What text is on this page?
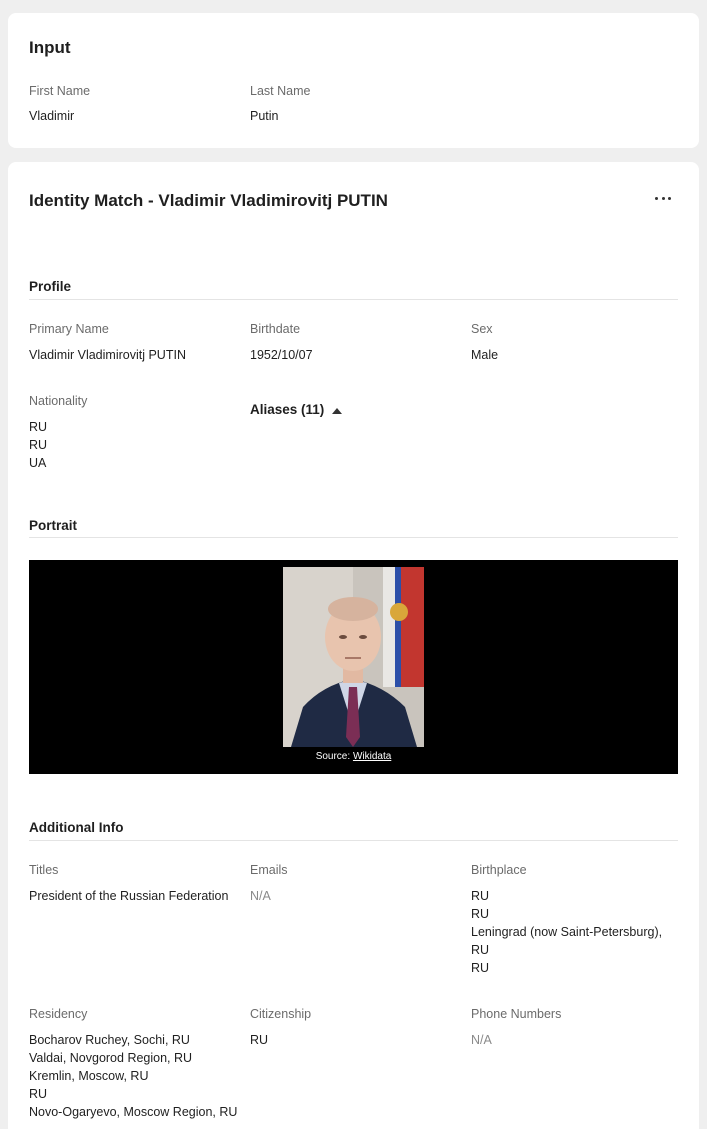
Input
First Name
Vladimir
Last Name
Putin
Identity Match - Vladimir Vladimirovitj PUTIN
Profile
Primary Name
Vladimir Vladimirovitj PUTIN
Birthdate
1952/10/07
Sex
Male
Nationality
RU
RU
UA
Aliases (11)
Portrait
Source: Wikidata
Additional Info
Titles
President of the Russian Federation
Emails
N/A
Birthplace
RU
RU
Leningrad (now Saint-Petersburg),
RU
RU
Residency
Bocharov Ruchey, Sochi, RU
Valdai, Novgorod Region, RU
Kremlin, Moscow, RU
RU
Novo-Ogaryevo, Moscow Region, RU
Citizenship
RU
Phone Numbers
N/A
